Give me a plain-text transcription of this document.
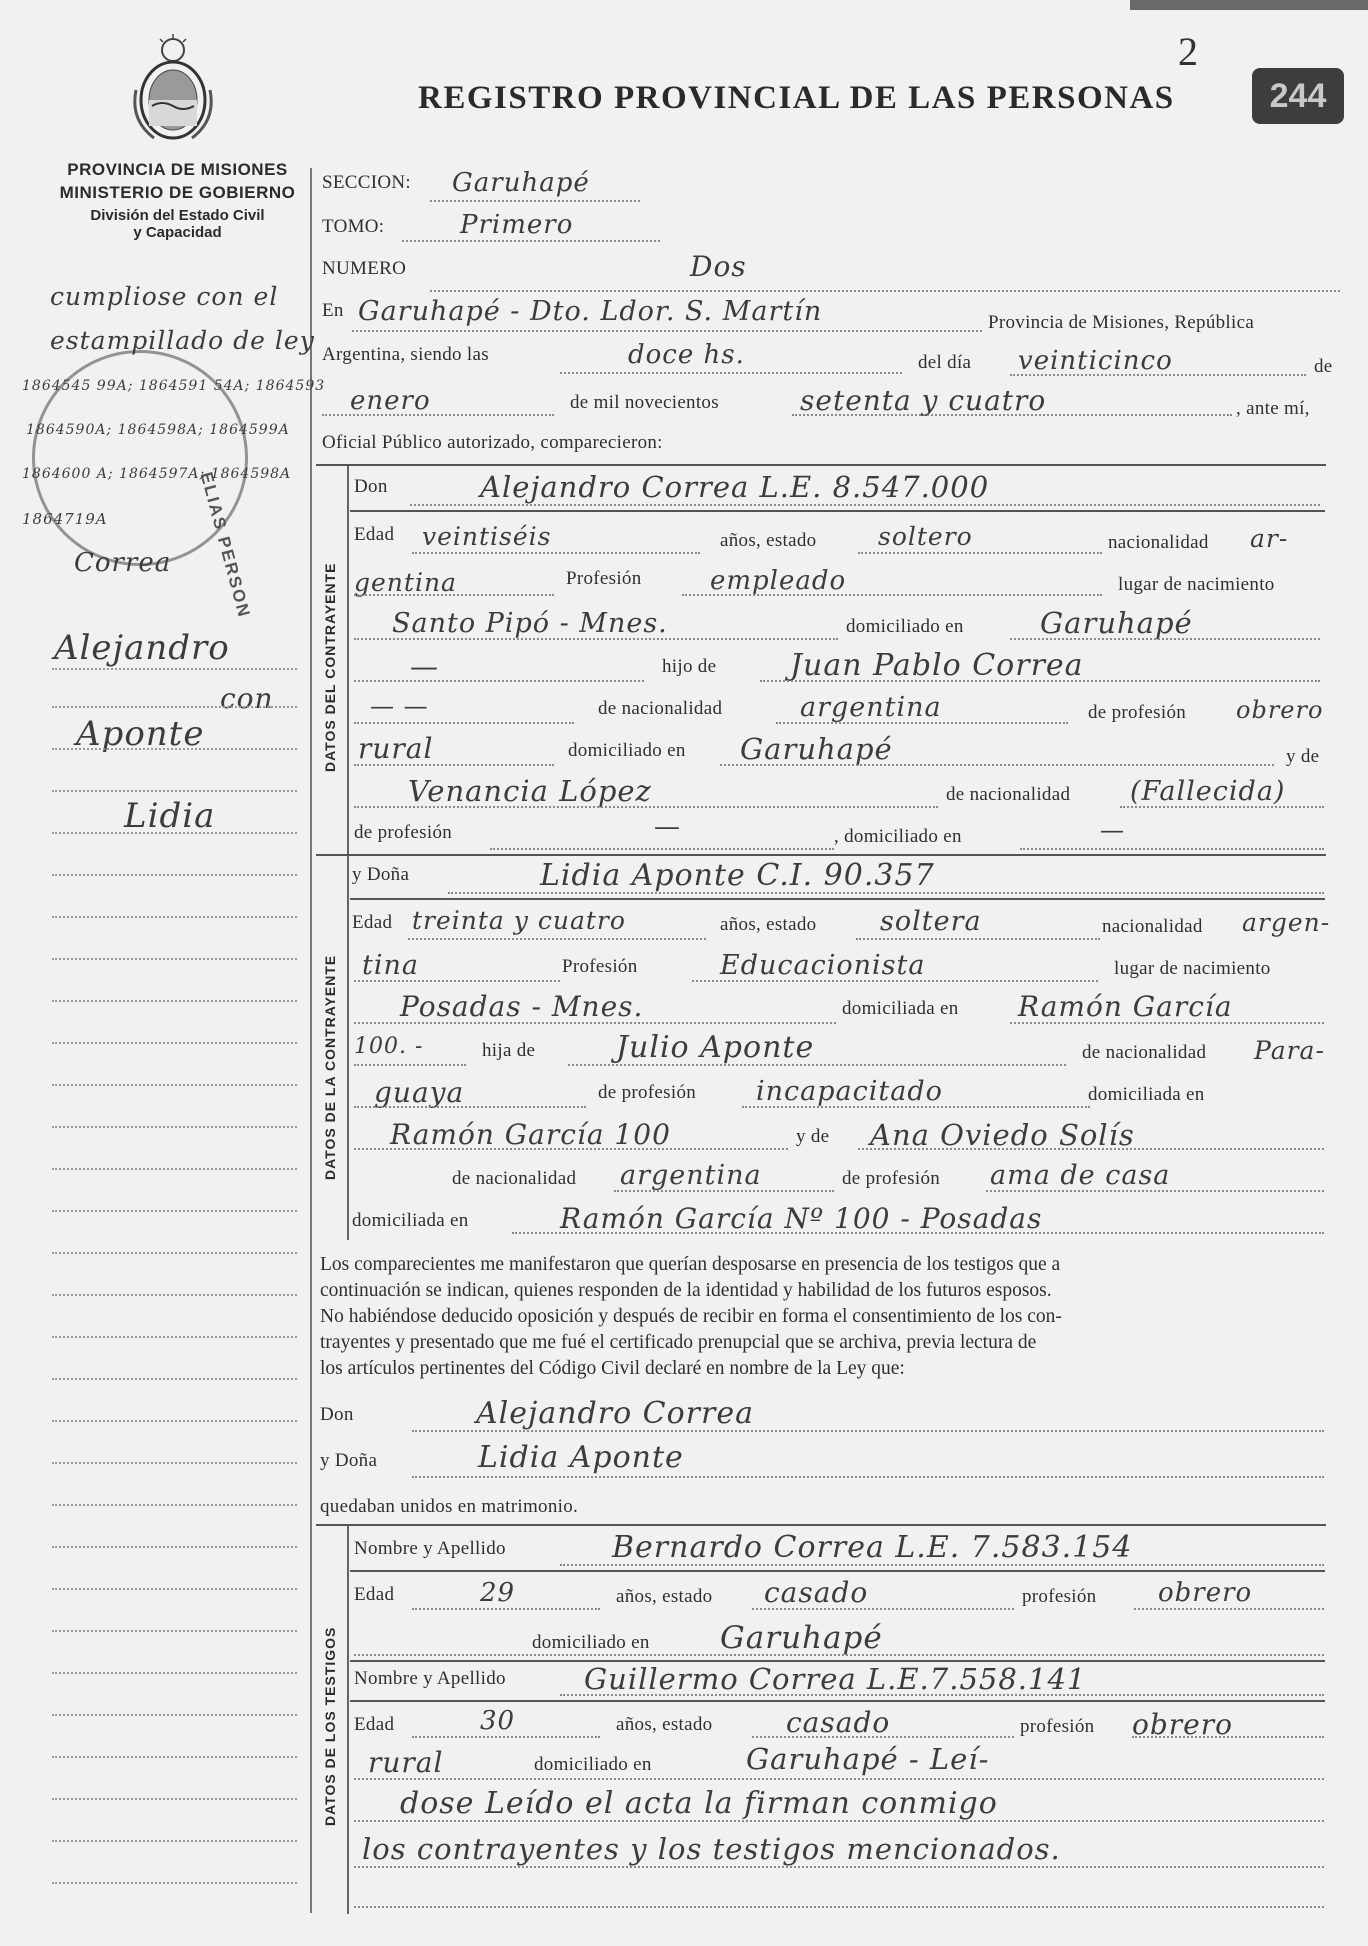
2
REGISTRO PROVINCIAL DE LAS PERSONAS	244
PROVINCIA DE MISIONES
MINISTERIO DE GOBIERNO
División del Estado Civil
y Capacidad
ELIAS PERSON
cumpliose con el
estampillado de ley
1864545 99A; 1864591 54A; 1864593
1864590A; 1864598A; 1864599A
1864600 A; 1864597A; 1864598A
1864719A
Correa
Alejandro
con
Aponte
Lidia
SECCION: Garuhapé
TOMO:	Primero
NUMERO	Dos
En Garuhapé - Dto. Ldor. S. Martín	Provincia de Misiones, República
Argentina, siendo las	doce hs.	del día veinticinco	de
enero	de mil novecientos	setenta y cuatro	, ante mí,
Oficial Público autorizado, comparecieron:
DATOS DEL CONTRAYENTE
Don	Alejandro Correa L.E. 8.547.000
Edad veintiséis	años, estado soltero	nacionalidad ar-
gentina	Profesión	empleado	lugar de nacimiento
Santo Pipó - Mnes.	domiciliado en	Garuhapé
—	hijo de Juan Pablo Correa
— —	de nacionalidad	argentina	de profesión obrero
rural	domiciliado en Garuhapé	y de
Venancia López	de nacionalidad (Fallecida)
de profesión	—	, domiciliado en	—
DATOS DE LA CONTRAYENTE
y Doña	Lidia Aponte C.I. 90.357
Edad treinta y cuatro	años, estado soltera	nacionalidad argen-
tina	Profesión	Educacionista	lugar de nacimiento
Posadas - Mnes.	domiciliada en Ramón García
100. -	hija de	Julio Aponte	de nacionalidad Para-
guaya	de profesión incapacitado	domiciliada en
Ramón García 100	y de Ana Oviedo Solís
de nacionalidad argentina	de profesión ama de casa
domiciliada en	Ramón García Nº 100 - Posadas
Los comparecientes me manifestaron que querían desposarse en presencia de los testigos que a
continuación se indican, quienes responden de la identidad y habilidad de los futuros esposos.
No habiéndose deducido oposición y después de recibir en forma el consentimiento de los con-
trayentes y presentado que me fué el certificado prenupcial que se archiva, previa lectura de
los artículos pertinentes del Código Civil declaré en nombre de la Ley que:
Don	Alejandro Correa
y Doña	Lidia Aponte
quedaban unidos en matrimonio.
DATOS DE LOS TESTIGOS
Nombre y Apellido	Bernardo Correa L.E. 7.583.154
Edad	29	años, estado casado	profesión obrero
domiciliado en Garuhapé
Nombre y Apellido	Guillermo Correa L.E.7.558.141
Edad	30	años, estado	casado	profesión obrero
rural	domiciliado en	Garuhapé - Leí-
dose Leído el acta la firman conmigo
los contrayentes y los testigos mencionados.
